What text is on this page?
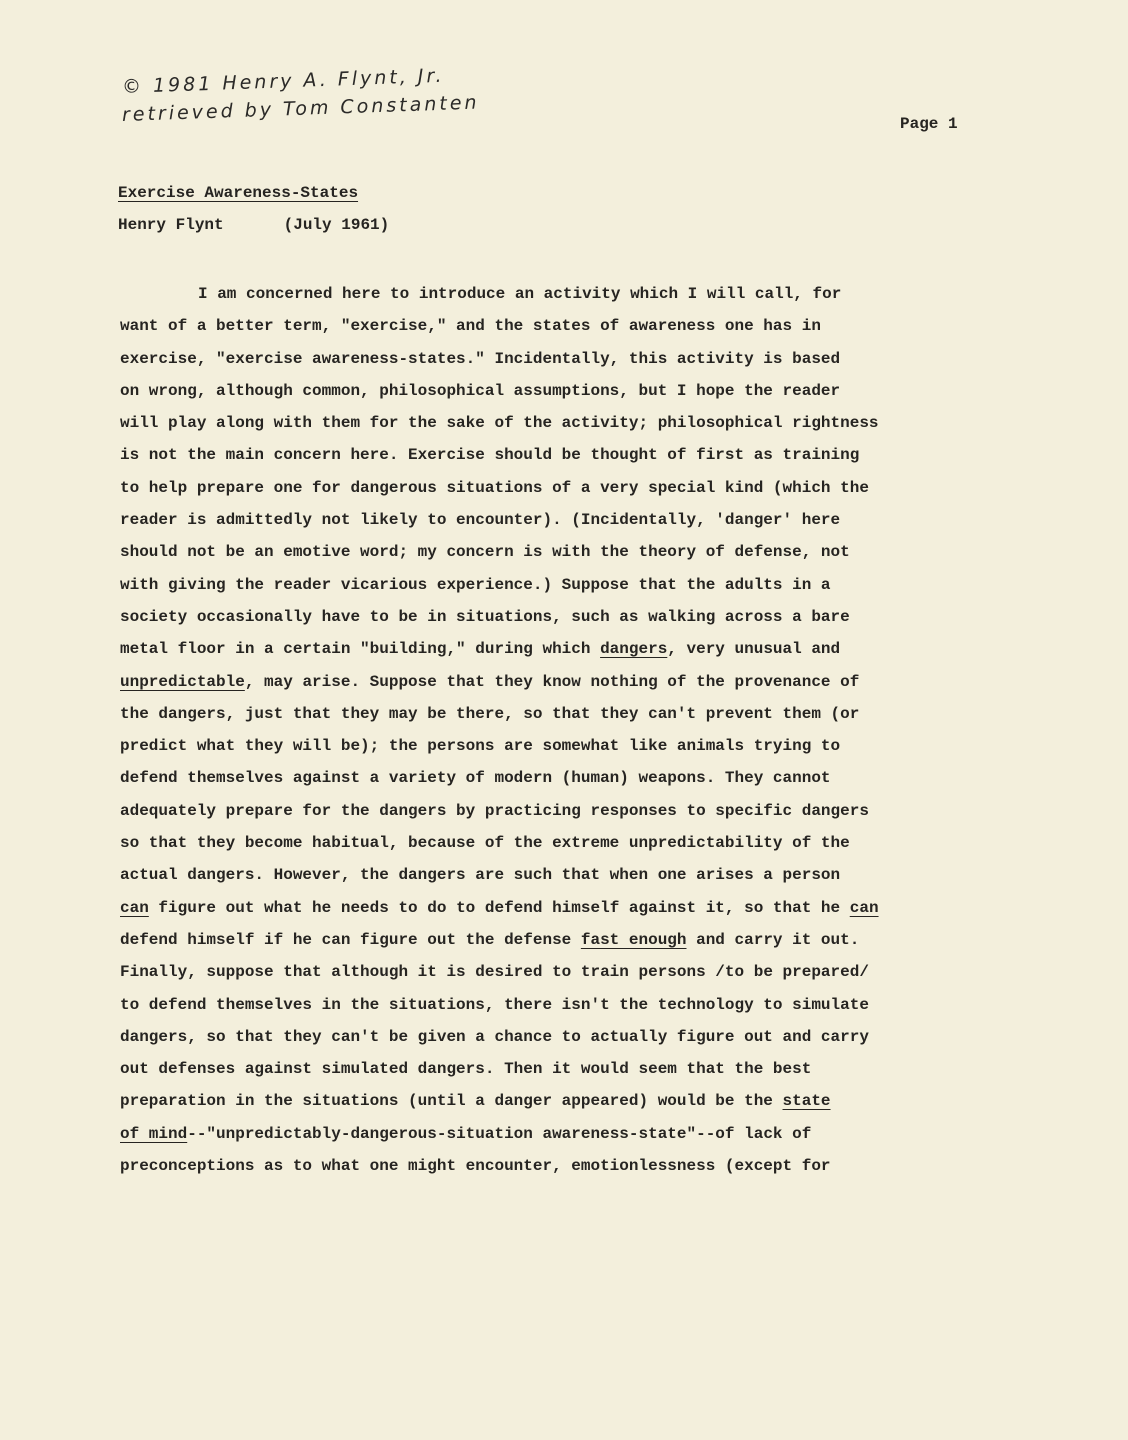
© 1981 Henry A. Flynt, Jr.
retrieved by Tom Constanten	Page 1
Exercise Awareness-States
Henry Flynt	(July 1961)
I am concerned here to introduce an activity which I will call, for
want of a better term, "exercise," and the states of awareness one has in
exercise, "exercise awareness-states." Incidentally, this activity is based
on wrong, although common, philosophical assumptions, but I hope the reader
will play along with them for the sake of the activity; philosophical rightness
is not the main concern here. Exercise should be thought of first as training
to help prepare one for dangerous situations of a very special kind (which the
reader is admittedly not likely to encounter). (Incidentally, 'danger' here
should not be an emotive word; my concern is with the theory of defense, not
with giving the reader vicarious experience.) Suppose that the adults in a
society occasionally have to be in situations, such as walking across a bare
metal floor in a certain "building," during which dangers, very unusual and
unpredictable, may arise. Suppose that they know nothing of the provenance of
the dangers, just that they may be there, so that they can't prevent them (or
predict what they will be); the persons are somewhat like animals trying to
defend themselves against a variety of modern (human) weapons. They cannot
adequately prepare for the dangers by practicing responses to specific dangers
so that they become habitual, because of the extreme unpredictability of the
actual dangers. However, the dangers are such that when one arises a person
can figure out what he needs to do to defend himself against it, so that he can
defend himself if he can figure out the defense fast enough and carry it out.
Finally, suppose that although it is desired to train persons /to be prepared/
to defend themselves in the situations, there isn't the technology to simulate
dangers, so that they can't be given a chance to actually figure out and carry
out defenses against simulated dangers. Then it would seem that the best
preparation in the situations (until a danger appeared) would be the state
of mind--"unpredictably-dangerous-situation awareness-state"--of lack of
preconceptions as to what one might encounter, emotionlessness (except for
